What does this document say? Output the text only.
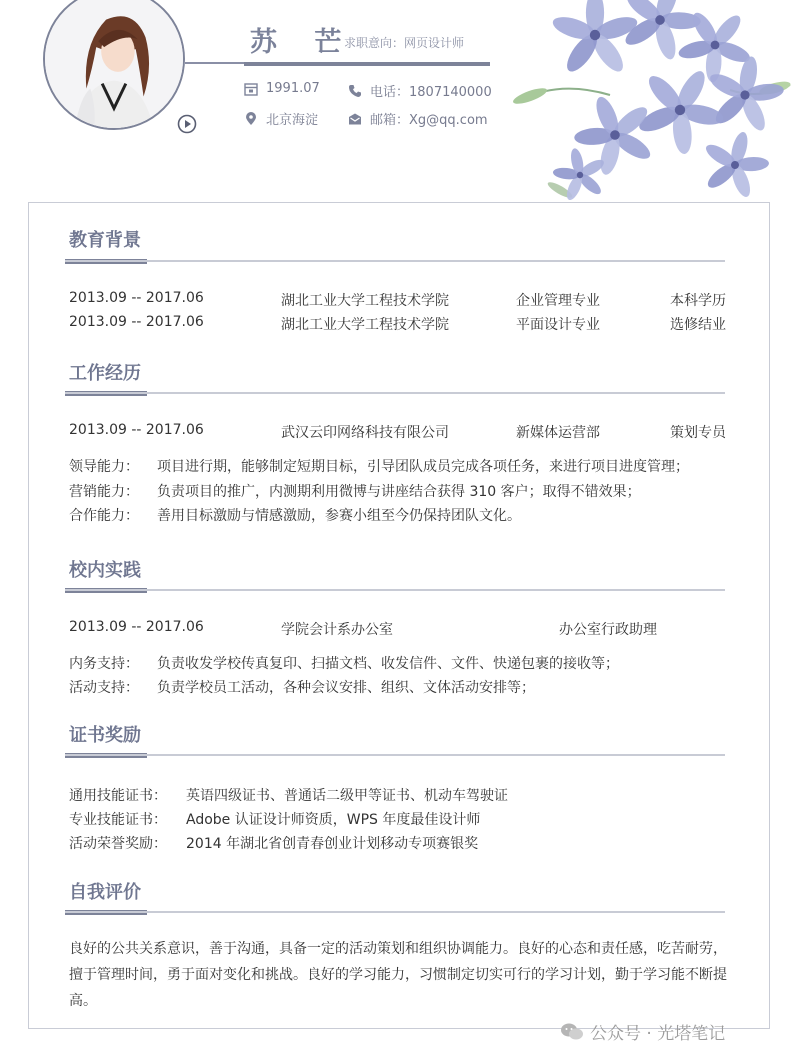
苏 芒
求职意向：网页设计师
1991.07	电话：1807140000
北京海淀	邮箱：Xg@qq.com
教育背景
2013.09 -- 2017.06	湖北工业大学工程技术学院	企业管理专业	本科学历
2013.09 -- 2017.06	湖北工业大学工程技术学院	平面设计专业	选修结业
工作经历
2013.09 -- 2017.06	武汉云印网络科技有限公司	新媒体运营部	策划专员
领导能力： 项目进行期，能够制定短期目标，引导团队成员完成各项任务，来进行项目进度管理；
营销能力： 负责项目的推广，内测期利用微博与讲座结合获得 310 客户；取得不错效果；
合作能力： 善用目标激励与情感激励，参赛小组至今仍保持团队文化。
校内实践
2013.09 -- 2017.06	学院会计系办公室	办公室行政助理
内务支持： 负责收发学校传真复印、扫描文档、收发信件、文件、快递包裹的接收等；
活动支持： 负责学校员工活动，各种会议安排、组织、文体活动安排等；
证书奖励
通用技能证书： 英语四级证书、普通话二级甲等证书、机动车驾驶证
专业技能证书： Adobe 认证设计师资质，WPS 年度最佳设计师
活动荣誉奖励： 2014 年湖北省创青春创业计划移动专项赛银奖
自我评价
良好的公共关系意识，善于沟通，具备一定的活动策划和组织协调能力。良好的心态和责任感，吃苦耐劳，擅于管理时间，勇于面对变化和挑战。良好的学习能力，习惯制定切实可行的学习计划，勤于学习能不断提高。
公众号 · 光塔笔记
